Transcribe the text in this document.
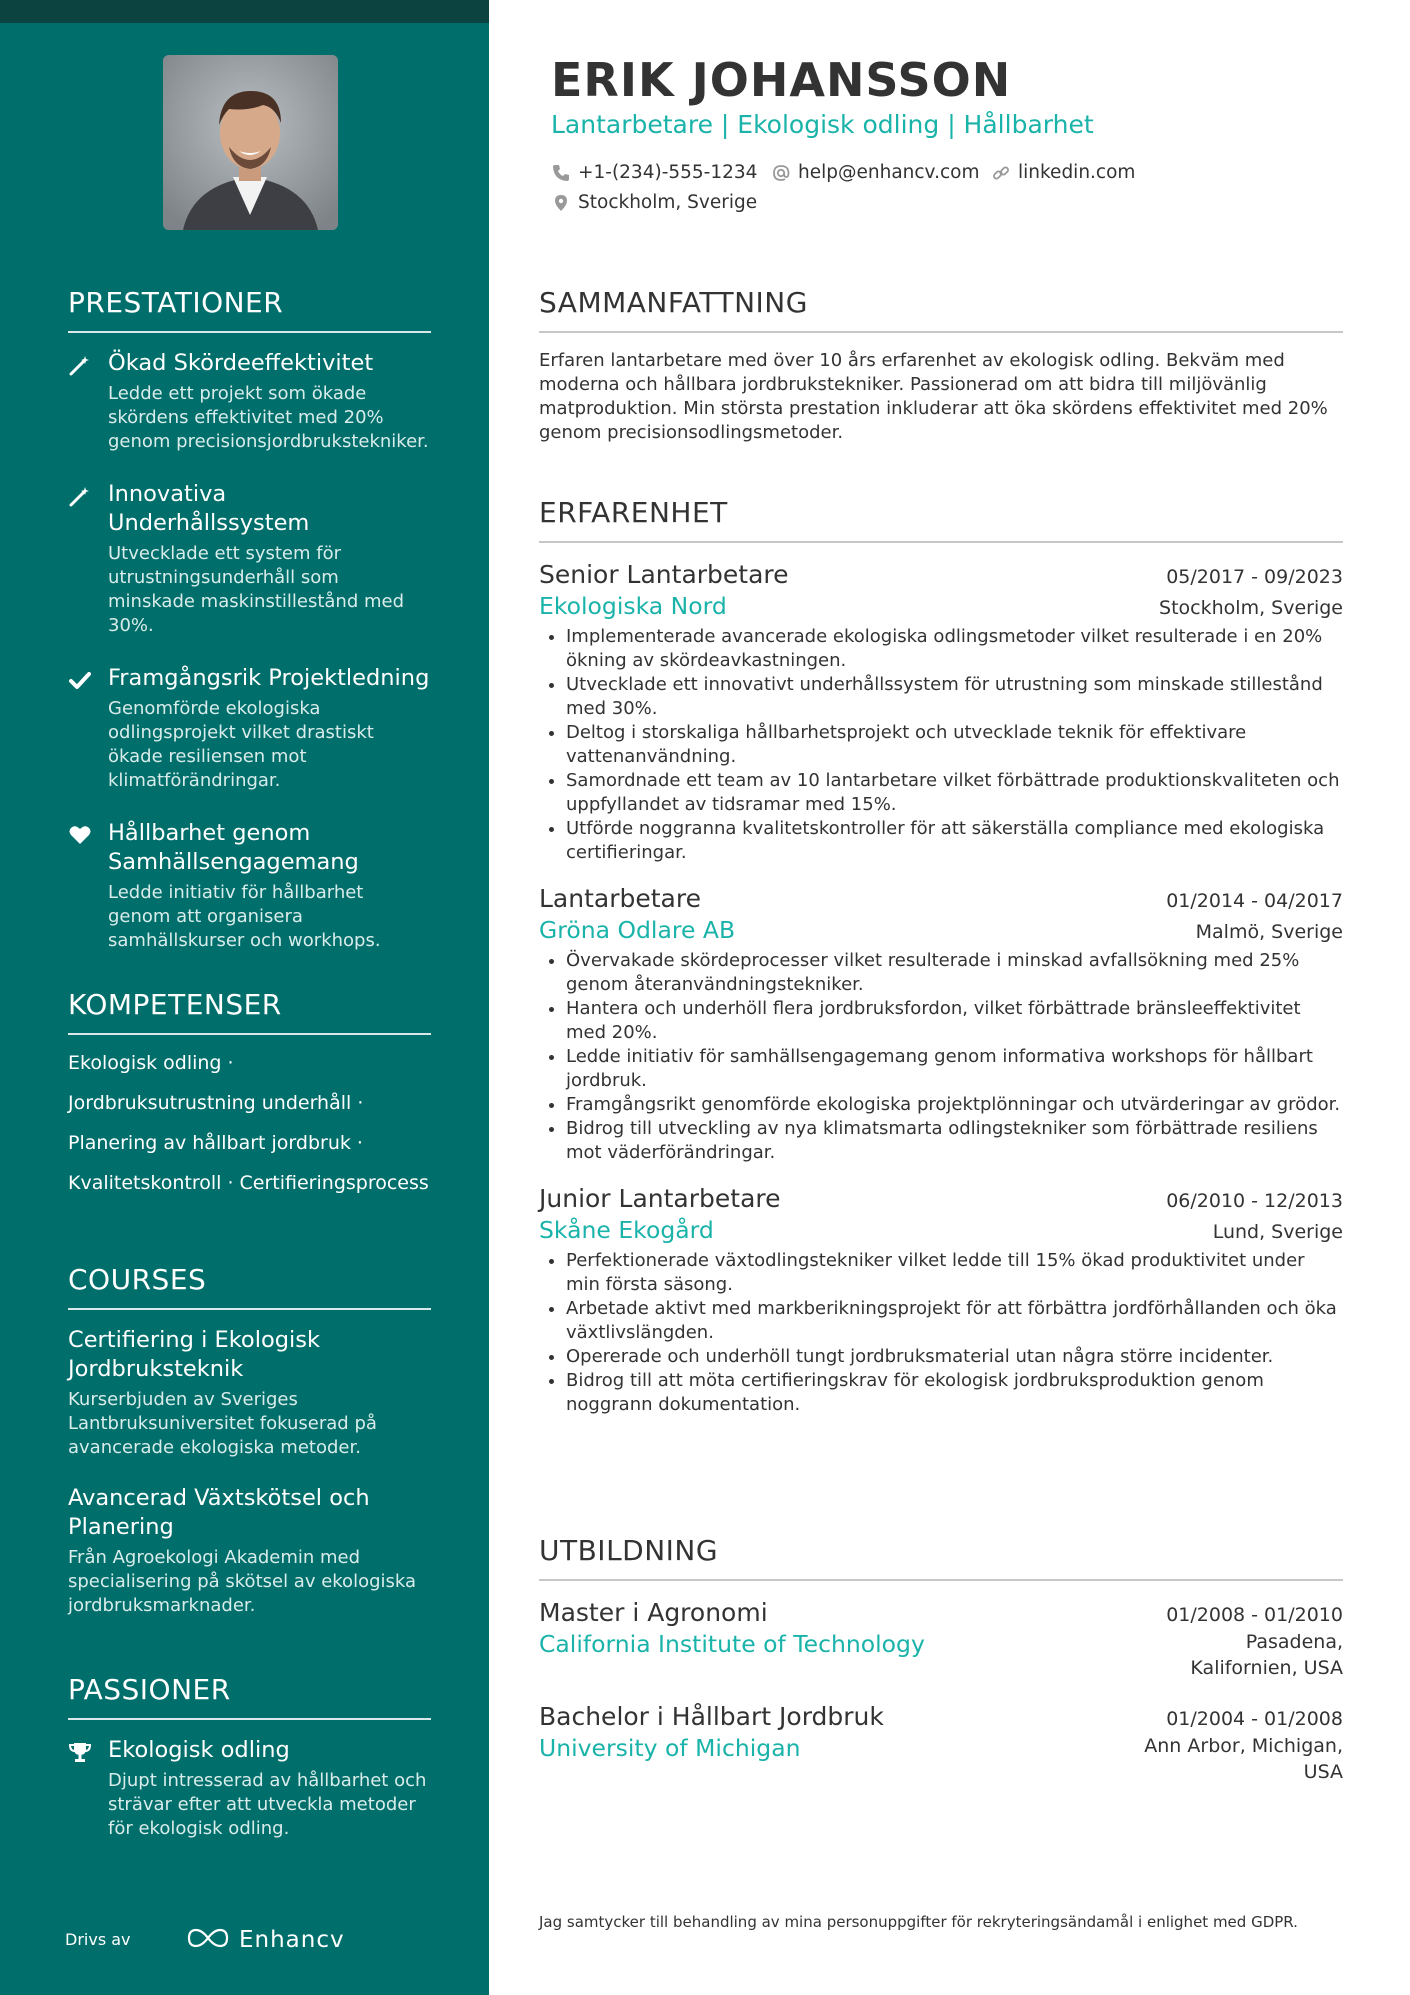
PRESTATIONER
Ökad Skördeeffektivitet
Ledde ett projekt som ökade skördens effektivitet med 20% genom precisionsjordbrukstekniker.
Innovativa Underhållssystem
Utvecklade ett system för utrustningsunderhåll som minskade maskinstillestånd med 30%.
Framgångsrik Projektledning
Genomförde ekologiska odlingsprojekt vilket drastiskt ökade resiliensen mot klimatförändringar.
Hållbarhet genom Samhällsengagemang
Ledde initiativ för hållbarhet genom att organisera samhällskurser och workhops.
KOMPETENSER
Ekologisk odling ·
Jordbruksutrustning underhåll ·
Planering av hållbart jordbruk ·
Kvalitetskontroll · Certifieringsprocess
COURSES
Certifiering i Ekologisk Jordbruksteknik
Kurserbjuden av Sveriges Lantbruksuniversitet fokuserad på avancerade ekologiska metoder.
Avancerad Växtskötsel och Planering
Från Agroekologi Akademin med specialisering på skötsel av ekologiska jordbruksmarknader.
PASSIONER
Ekologisk odling
Djupt intresserad av hållbarhet och strävar efter att utveckla metoder för ekologisk odling.
Drivs av	Enhancv
ERIK JOHANSSON
Lantarbetare | Ekologisk odling | Hållbarhet
+1-(234)-555-1234 help@enhancv.com linkedin.com
Stockholm, Sverige
SAMMANFATTNING
Erfaren lantarbetare med över 10 års erfarenhet av ekologisk odling. Bekväm med moderna och hållbara jordbrukstekniker. Passionerad om att bidra till miljövänlig matproduktion. Min största prestation inkluderar att öka skördens effektivitet med 20% genom precisionsodlingsmetoder.
ERFARENHET
Senior Lantarbetare	05/2017 - 09/2023
Ekologiska Nord	Stockholm, Sverige
• Implementerade avancerade ekologiska odlingsmetoder vilket resulterade i en 20% ökning av skördeavkastningen.
• Utvecklade ett innovativt underhållssystem för utrustning som minskade stillestånd med 30%.
• Deltog i storskaliga hållbarhetsprojekt och utvecklade teknik för effektivare vattenanvändning.
• Samordnade ett team av 10 lantarbetare vilket förbättrade produktionskvaliteten och uppfyllandet av tidsramar med 15%.
• Utförde noggranna kvalitetskontroller för att säkerställa compliance med ekologiska certifieringar.
Lantarbetare	01/2014 - 04/2017
Gröna Odlare AB	Malmö, Sverige
• Övervakade skördeprocesser vilket resulterade i minskad avfallsökning med 25% genom återanvändningstekniker.
• Hantera och underhöll flera jordbruksfordon, vilket förbättrade bränsleeffektivitet med 20%.
• Ledde initiativ för samhällsengagemang genom informativa workshops för hållbart jordbruk.
• Framgångsrikt genomförde ekologiska projektplönningar och utvärderingar av grödor.
• Bidrog till utveckling av nya klimatsmarta odlingstekniker som förbättrade resiliens mot väderförändringar.
Junior Lantarbetare	06/2010 - 12/2013
Skåne Ekogård	Lund, Sverige
• Perfektionerade växtodlingstekniker vilket ledde till 15% ökad produktivitet under min första säsong.
• Arbetade aktivt med markberikningsprojekt för att förbättra jordförhållanden och öka växtlivslängden.
• Opererade och underhöll tungt jordbruksmaterial utan några större incidenter.
• Bidrog till att möta certifieringskrav för ekologisk jordbruksproduktion genom noggrann dokumentation.
UTBILDNING
Master i Agronomi	01/2008 - 01/2010
California Institute of Technology	Pasadena,
Kalifornien, USA
Bachelor i Hållbart Jordbruk	01/2004 - 01/2008
University of Michigan	Ann Arbor, Michigan,
USA
Jag samtycker till behandling av mina personuppgifter för rekryteringsändamål i enlighet med GDPR.
